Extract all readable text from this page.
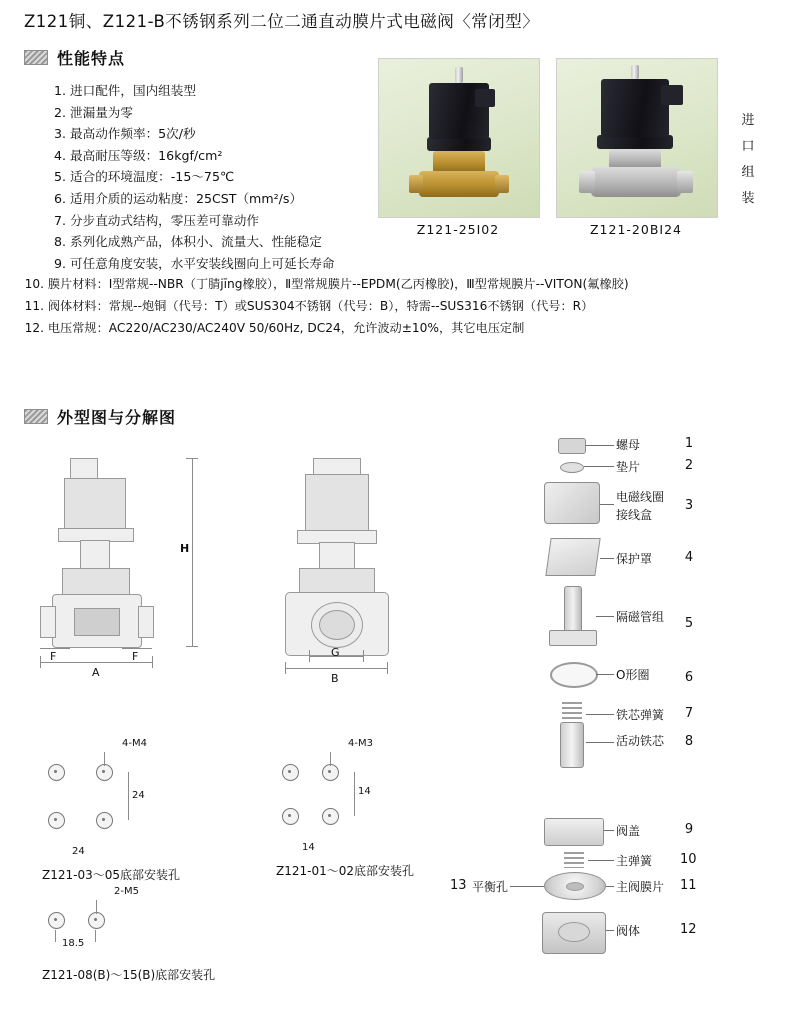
Z121铜、Z121-B不锈钢系列二位二通直动膜片式电磁阀〈常闭型〉
性能特点
1. 进口配件，国内组装型
2. 泄漏量为零
3. 最高动作频率：5次/秒
4. 最高耐压等级：16kgf/cm²
5. 适合的环境温度：-15～75℃
6. 适用介质的运动粘度：25CST（mm²/s）
7. 分步直动式结构，零压差可靠动作
8. 系列化成熟产品，体积小、流量大、性能稳定
9. 可任意角度安装，水平安装线圈向上可延长寿命
10. 膜片材料：Ⅰ型常规--NBR（丁腈jīng橡胶），Ⅱ型常规膜片--EPDM(乙丙橡胶)，Ⅲ型常规膜片--VITON(氟橡胶)
11. 阀体材料：常规--炮铜（代号：T）或SUS304不锈钢（代号：B），特需--SUS316不锈钢（代号：R）
12. 电压常规：AC220/AC230/AC240V 50/60Hz, DC24，允许波动±10%，其它电压定制
Z121-25Ⅰ02	Z121-20BⅠ24
进口组装
外型图与分解图
H
A
F	F
B
G
4-M4
24
24
Z121-03～05底部安装孔
4-M3
14
14
Z121-01～02底部安装孔
2-M5
18.5
Z121-08(B)～15(B)底部安装孔
螺母	1
垫片	2
电磁线圈
接线盒
3
保护罩	4
隔磁管组 5
O形圈	6
铁芯弹簧 7
活动铁芯 8
阀盖	9
主弹簧 10
主阀膜片 11
平衡孔
13
阀体	12
